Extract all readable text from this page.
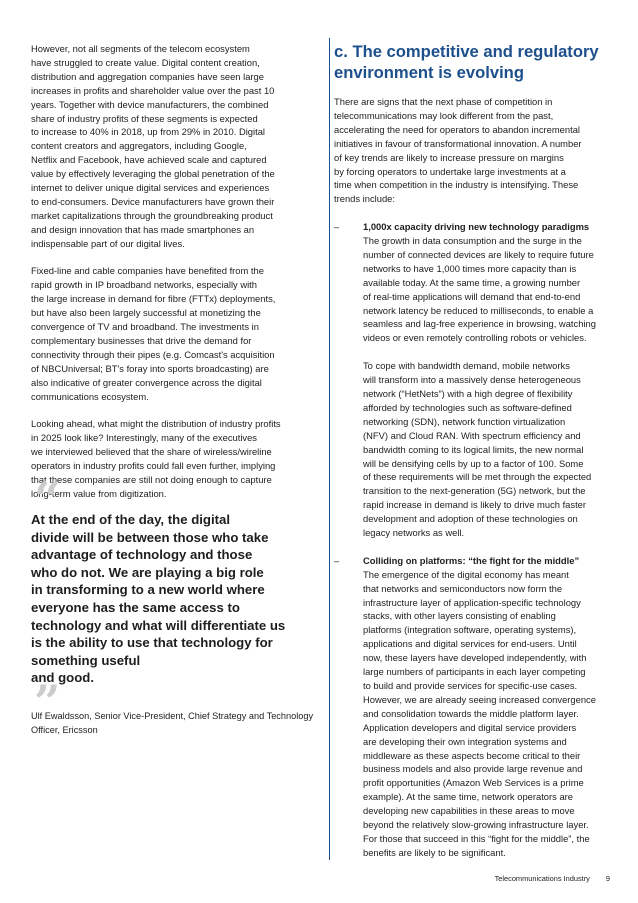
However, not all segments of the telecom ecosystem
have struggled to create value. Digital content creation,
distribution and aggregation companies have seen large
increases in profits and shareholder value over the past 10
years. Together with device manufacturers, the combined
share of industry profits of these segments is expected
to increase to 40% in 2018, up from 29% in 2010. Digital
content creators and aggregators, including Google,
Netflix and Facebook, have achieved scale and captured
value by effectively leveraging the global penetration of the
internet to deliver unique digital services and experiences
to end-consumers. Device manufacturers have grown their
market capitalizations through the groundbreaking product
and design innovation that has made smartphones an
indispensable part of our digital lives.
Fixed-line and cable companies have benefited from the
rapid growth in IP broadband networks, especially with
the large increase in demand for fibre (FTTx) deployments,
but have also been largely successful at monetizing the
convergence of TV and broadband. The investments in
complementary businesses that drive the demand for
connectivity through their pipes (e.g. Comcast's acquisition
of NBCUniversal; BT's foray into sports broadcasting) are
also indicative of greater convergence across the digital
communications ecosystem.
Looking ahead, what might the distribution of industry profits
in 2025 look like? Interestingly, many of the executives
we interviewed believed that the share of wireless/wireline
operators in industry profits could fall even further, implying
that these companies are still not doing enough to capture
long-term value from digitization.
“
At the end of the day, the digital
divide will be between those who take
advantage of technology and those
who do not. We are playing a big role
in transforming to a new world where
everyone has the same access to
technology and what will differentiate us
is the ability to use that technology for
something useful
and good.
”
Ulf Ewaldsson, Senior Vice-President, Chief Strategy and Technology
Officer, Ericsson
c. The competitive and regulatory
environment is evolving
There are signs that the next phase of competition in
telecommunications may look different from the past,
accelerating the need for operators to abandon incremental
initiatives in favour of transformational innovation. A number
of key trends are likely to increase pressure on margins
by forcing operators to undertake large investments at a
time when competition in the industry is intensifying. These
trends include:
–	1,000x capacity driving new technology paradigms
The growth in data consumption and the surge in the
number of connected devices are likely to require future
networks to have 1,000 times more capacity than is
available today. At the same time, a growing number
of real-time applications will demand that end-to-end
network latency be reduced to milliseconds, to enable a
seamless and lag-free experience in browsing, watching
videos or even remotely controlling robots or vehicles.
To cope with bandwidth demand, mobile networks
will transform into a massively dense heterogeneous
network (“HetNets”) with a high degree of flexibility
afforded by technologies such as software-defined
networking (SDN), network function virtualization
(NFV) and Cloud RAN. With spectrum efficiency and
bandwidth coming to its logical limits, the new normal
will be densifying cells by up to a factor of 100. Some
of these requirements will be met through the expected
transition to the next-generation (5G) network, but the
rapid increase in demand is likely to drive much faster
development and adoption of these technologies on
legacy networks as well.
–	Colliding on platforms: “the fight for the middle”
The emergence of the digital economy has meant
that networks and semiconductors now form the
infrastructure layer of application-specific technology
stacks, with other layers consisting of enabling
platforms (integration software, operating systems),
applications and digital services for end-users. Until
now, these layers have developed independently, with
large numbers of participants in each layer competing
to build and provide services for specific-use cases.
However, we are already seeing increased convergence
and consolidation towards the middle platform layer.
Application developers and digital service providers
are developing their own integration systems and
middleware as these aspects become critical to their
business models and also provide large revenue and
profit opportunities (Amazon Web Services is a prime
example). At the same time, network operators are
developing new capabilities in these areas to move
beyond the relatively slow-growing infrastructure layer.
For those that succeed in this “fight for the middle”, the
benefits are likely to be significant.
Telecommunications Industry 9
